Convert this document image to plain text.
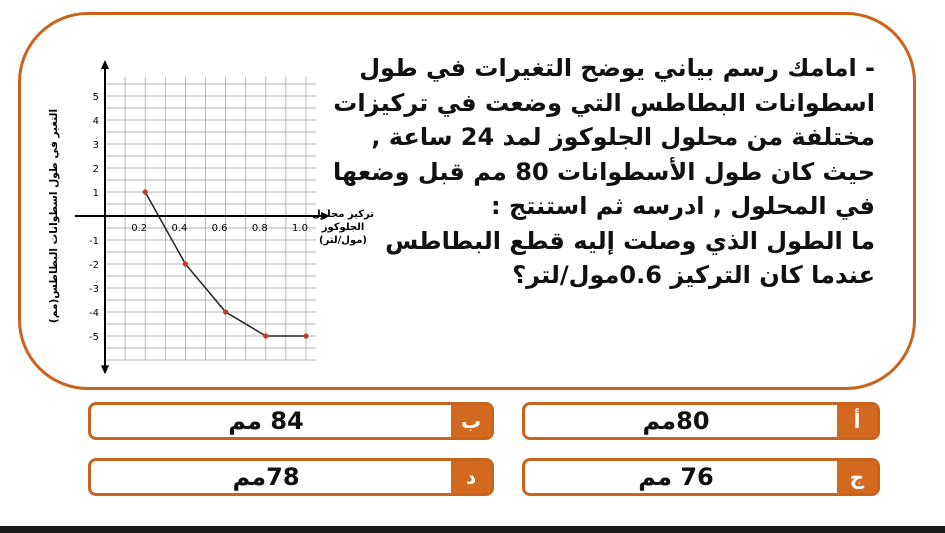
- امامك رسم بياني يوضح التغيرات في طول
اسطوانات البطاطس التي وضعت في تركيزات
مختلفة من محلول الجلوكوز لمد 24 ساعة ,
حيث كان طول الأسطوانات 80 مم قبل وضعها
في المحلول , ادرسه ثم استنتج :
ما الطول الذي وصلت إليه قطع البطاطس
عندما كان التركيز 0.6مول/لتر؟
5
4
3
2
1
-1
-2
-3
-4
-5
0.2 0.4 0.6 0.8 1.0
التغير في طول اسطوانات البطاطس(مم)	تركيز محلول
الجلوكوز
(مول/لتر)
ب
84 مم	أ
80مم
د
78مم	ج
76 مم
